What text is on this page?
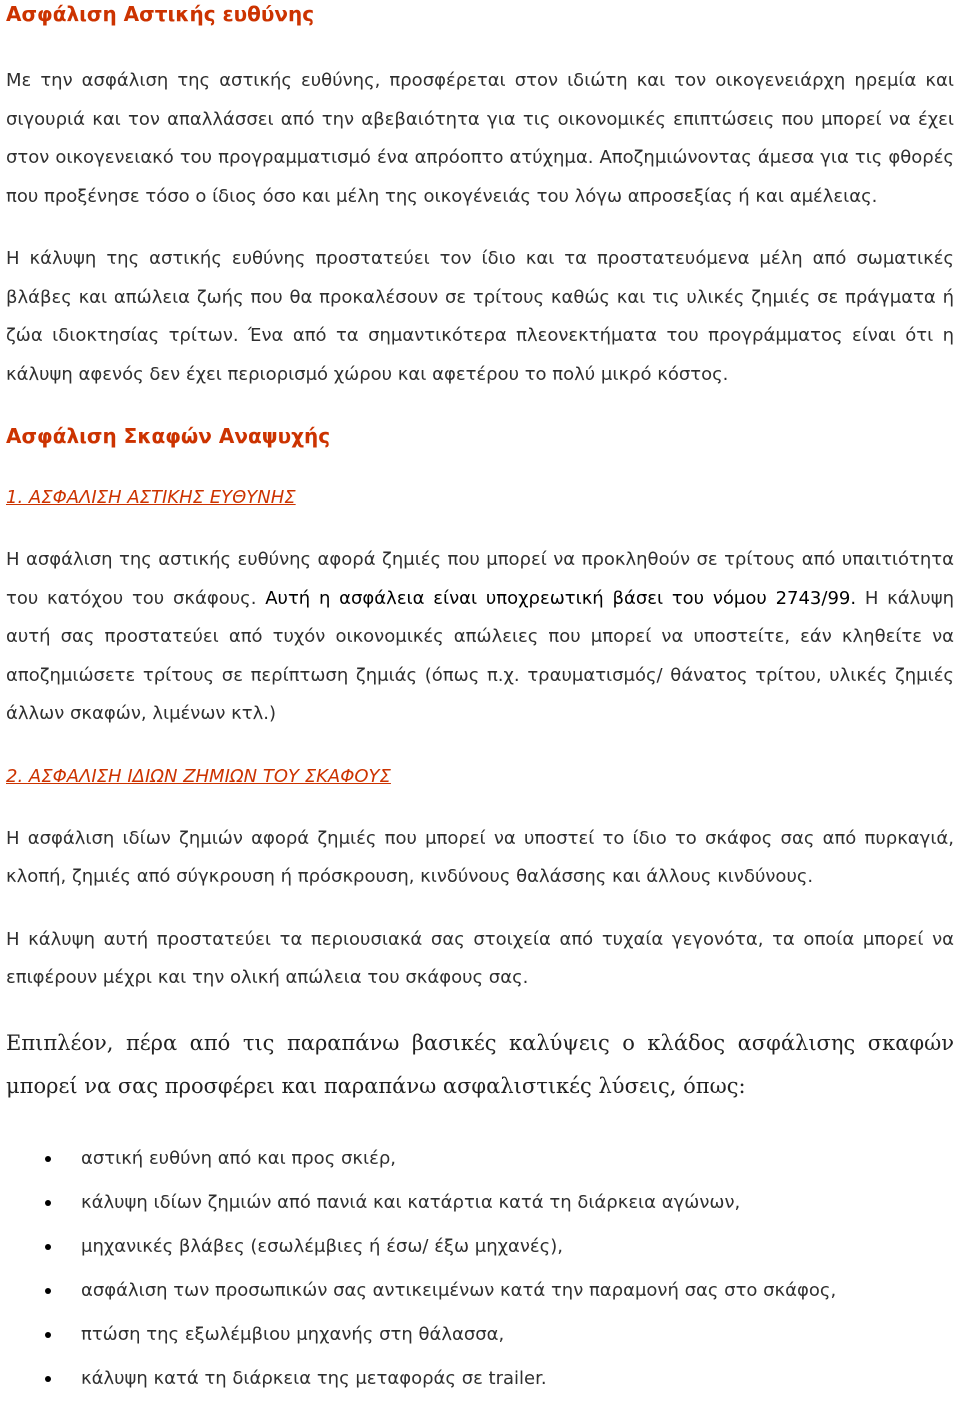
Ασφάλιση Αστικής ευθύνης

Με την ασφάλιση της αστικής ευθύνης, προσφέρεται στον ιδιώτη και τον οικογενειάρχη ηρεμία και σιγουριά και τον απαλλάσσει από την αβεβαιότητα για τις οικονομικές επιπτώσεις που μπορεί να έχει στον οικογενειακό του προγραμματισμό ένα απρόοπτο ατύχημα. Αποζημιώνοντας άμεσα για τις φθορές που προξένησε τόσο ο ίδιος όσο και μέλη της οικογένειάς του λόγω απροσεξίας ή και αμέλειας.

Η κάλυψη της αστικής ευθύνης προστατεύει τον ίδιο και τα προστατευόμενα μέλη από σωματικές βλάβες και απώλεια ζωής που θα προκαλέσουν σε τρίτους καθώς και τις υλικές ζημιές σε πράγματα ή ζώα ιδιοκτησίας τρίτων. Ένα από τα σημαντικότερα πλεονεκτήματα του προγράμματος είναι ότι η κάλυψη αφενός δεν έχει περιορισμό χώρου και αφετέρου το πολύ μικρό κόστος.

Ασφάλιση Σκαφών Αναψυχής
1. ΑΣΦΑΛΙΣΗ ΑΣΤΙΚΗΣ ΕΥΘΥΝΗΣ

Η ασφάλιση της αστικής ευθύνης αφορά ζημιές που μπορεί να προκληθούν σε τρίτους από υπαιτιότητα του κατόχου του σκάφους. Αυτή η ασφάλεια είναι υποχρεωτική βάσει του νόμου 2743/99. Η κάλυψη αυτή σας προστατεύει από τυχόν οικονομικές απώλειες που μπορεί να υποστείτε, εάν κληθείτε να αποζημιώσετε τρίτους σε περίπτωση ζημιάς (όπως π.χ. τραυματισμός/ θάνατος τρίτου, υλικές ζημιές άλλων σκαφών, λιμένων κτλ.)

2. ΑΣΦΑΛΙΣΗ ΙΔΙΩΝ ΖΗΜΙΩΝ ΤΟΥ ΣΚΑΦΟΥΣ

Η ασφάλιση ιδίων ζημιών αφορά ζημιές που μπορεί να υποστεί το ίδιο το σκάφος σας από πυρκαγιά, κλοπή, ζημιές από σύγκρουση ή πρόσκρουση, κινδύνους θαλάσσης και άλλους κινδύνους.

Η κάλυψη αυτή προστατεύει τα περιουσιακά σας στοιχεία από τυχαία γεγονότα, τα οποία μπορεί να επιφέρουν μέχρι και την ολική απώλεια του σκάφους σας.

Επιπλέον, πέρα από τις παραπάνω βασικές καλύψεις ο κλάδος ασφάλισης σκαφών μπορεί να σας προσφέρει και παραπάνω ασφαλιστικές λύσεις, όπως:

αστική ευθύνη από και προς σκιέρ,
κάλυψη ιδίων ζημιών από πανιά και κατάρτια κατά τη διάρκεια αγώνων,
μηχανικές βλάβες (εσωλέμβιες ή έσω/ έξω μηχανές),
ασφάλιση των προσωπικών σας αντικειμένων κατά την παραμονή σας στο σκάφος,
πτώση της εξωλέμβιου μηχανής στη θάλασσα,
κάλυψη κατά τη διάρκεια της μεταφοράς σε trailer.
